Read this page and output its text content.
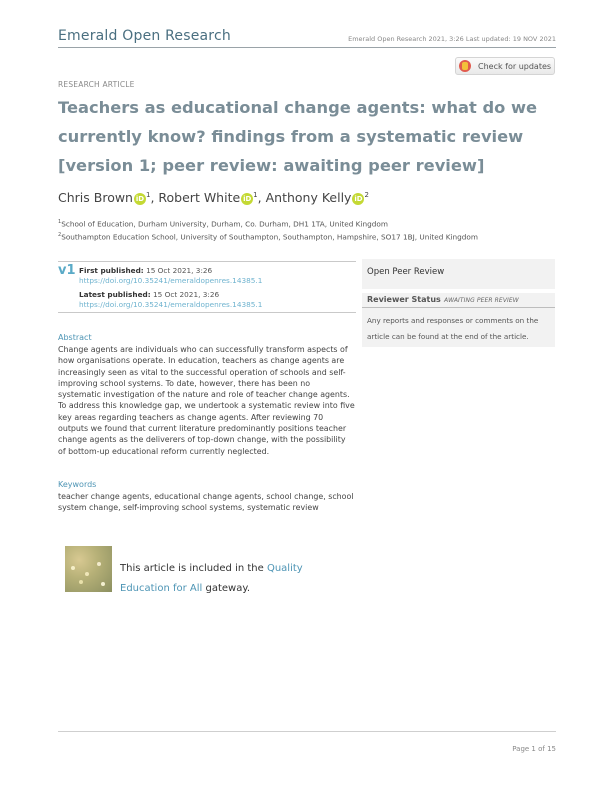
Emerald Open Research	Emerald Open Research 2021, 3:26 Last updated: 19 NOV 2021
RESEARCH ARTICLE
Check for updates
Teachers as educational change agents: what do we currently know? findings from a systematic review [version 1; peer review: awaiting peer review]
Chris Brown $iD^1$, Robert White $iD^1$, Anthony Kelly $iD^2$
$^1$School of Education, Durham University, Durham, Co. Durham, DH1 1TA, United Kingdom
$^2$Southampton Education School, University of Southampton, Southampton, Hampshire, SO17 1BJ, United Kingdom
v1 First published: 15 Oct 2021, 3:26
https://doi.org/10.35241/emeraldopenres.14385.1
Latest published: 15 Oct 2021, 3:26
https://doi.org/10.35241/emeraldopenres.14385.1
Abstract

Change agents are individuals who can successfully transform aspects of how organisations operate. In education, teachers as change agents are increasingly seen as vital to the successful operation of schools and self-improving school systems. To date, however, there has been no systematic investigation of the nature and role of teacher change agents. To address this knowledge gap, we undertook a systematic review into five key areas regarding teachers as change agents. After reviewing 70 outputs we found that current literature predominantly positions teacher change agents as the deliverers of top-down change, with the possibility of bottom-up educational reform currently neglected.

Keywords

teacher change agents, educational change agents, school change, school system change, self-improving school systems, systematic review

This article is included in the Quality Education for All gateway.
Open Peer Review
Reviewer Status AWAITING PEER REVIEW
Any reports and responses or comments on the article can be found at the end of the article.
Page 1 of 15
